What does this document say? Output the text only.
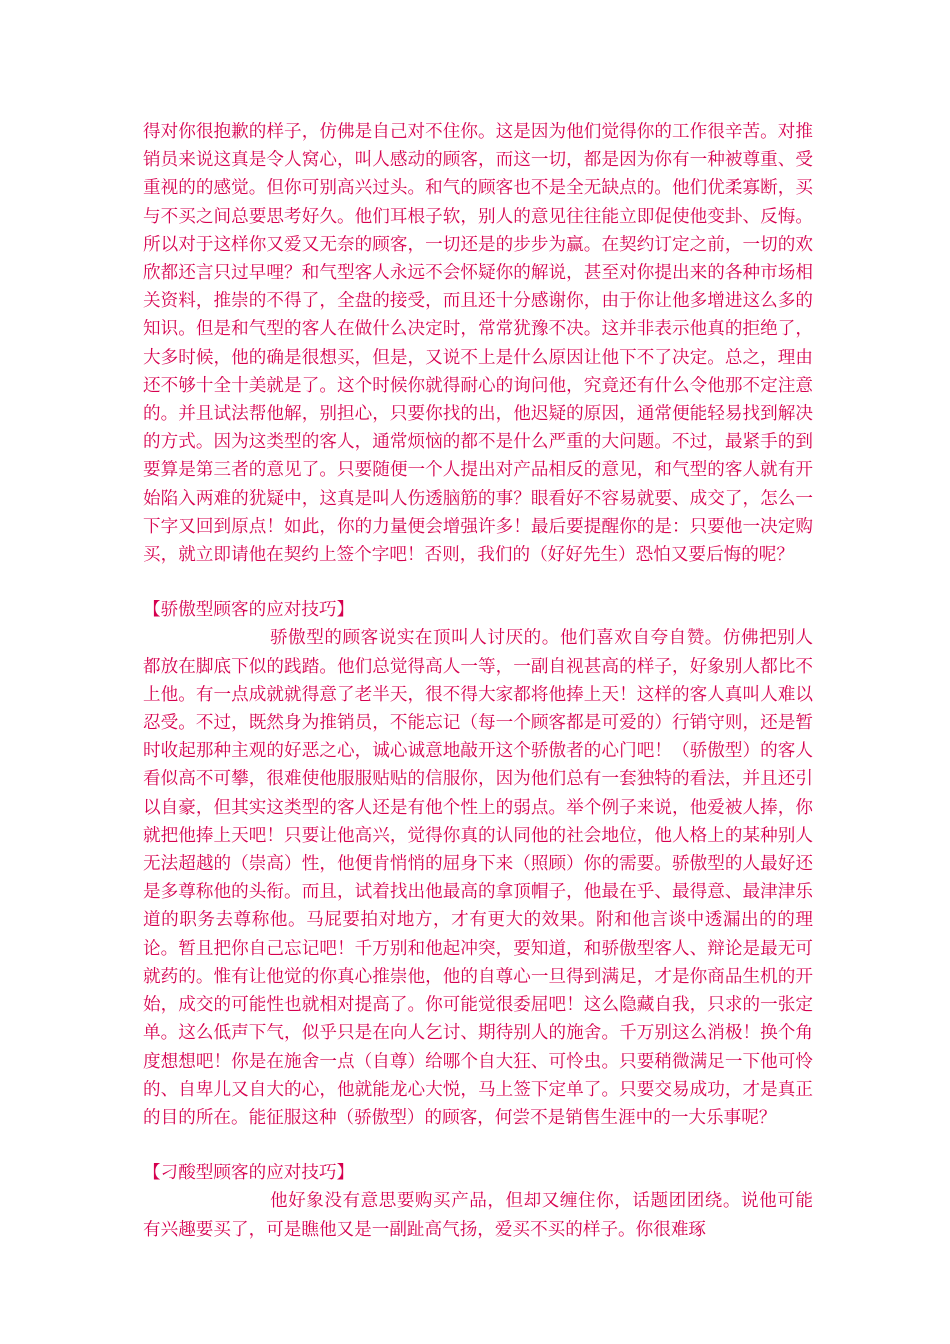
得对你很抱歉的样子，仿佛是自己对不住你。这是因为他们觉得你的工作很辛苦。对推销员来说这真是令人窝心，叫人感动的顾客，而这一切，都是因为你有一种被尊重、受重视的的感觉。但你可别高兴过头。和气的顾客也不是全无缺点的。他们优柔寡断，买与不买之间总要思考好久。他们耳根子软，别人的意见往往能立即促使他变卦、反悔。所以对于这样你又爱又无奈的顾客，一切还是的步步为赢。在契约订定之前，一切的欢欣都还言只过早哩？和气型客人永远不会怀疑你的解说，甚至对你提出来的各种市场相关资料，推崇的不得了，全盘的接受，而且还十分感谢你，由于你让他多增进这么多的知识。但是和气型的客人在做什么决定时，常常犹豫不决。这并非表示他真的拒绝了，大多时候，他的确是很想买，但是，又说不上是什么原因让他下不了决定。总之，理由还不够十全十美就是了。这个时候你就得耐心的询问他，究竟还有什么令他那不定注意的。并且试法帮他解，别担心，只要你找的出，他迟疑的原因，通常便能轻易找到解决的方式。因为这类型的客人，通常烦恼的都不是什么严重的大问题。不过，最紧手的到要算是第三者的意见了。只要随便一个人提出对产品相反的意见，和气型的客人就有开始陷入两难的犹疑中，这真是叫人伤透脑筋的事？眼看好不容易就要、成交了，怎么一下字又回到原点！如此，你的力量便会增强许多！最后要提醒你的是：只要他一决定购买，就立即请他在契约上签个字吧！否则，我们的（好好先生）恐怕又要后悔的呢？

【骄傲型顾客的应对技巧】

骄傲型的顾客说实在顶叫人讨厌的。他们喜欢自夸自赞。仿佛把别人都放在脚底下似的践踏。他们总觉得高人一等，一副自视甚高的样子，好象别人都比不上他。有一点成就就得意了老半天，很不得大家都将他捧上天！这样的客人真叫人难以忍受。不过，既然身为推销员，不能忘记（每一个顾客都是可爱的）行销守则，还是暂时收起那种主观的好恶之心，诚心诚意地敲开这个骄傲者的心门吧！（骄傲型）的客人看似高不可攀，很难使他服服贴贴的信服你，因为他们总有一套独特的看法，并且还引以自豪，但其实这类型的客人还是有他个性上的弱点。举个例子来说，他爱被人捧，你就把他捧上天吧！只要让他高兴，觉得你真的认同他的社会地位，他人格上的某种别人无法超越的（崇高）性，他便肯悄悄的屈身下来（照顾）你的需要。骄傲型的人最好还是多尊称他的头衔。而且，试着找出他最高的拿顶帽子，他最在乎、最得意、最津津乐道的职务去尊称他。马屁要拍对地方，才有更大的效果。附和他言谈中透漏出的的理论。暂且把你自己忘记吧！千万别和他起冲突，要知道，和骄傲型客人、辩论是最无可就药的。惟有让他觉的你真心推崇他，他的自尊心一旦得到满足，才是你商品生机的开始，成交的可能性也就相对提高了。你可能觉很委屈吧！这么隐藏自我，只求的一张定单。这么低声下气，似乎只是在向人乞讨、期待别人的施舍。千万别这么消极！换个角度想想吧！你是在施舍一点（自尊）给哪个自大狂、可怜虫。只要稍微满足一下他可怜的、自卑儿又自大的心，他就能龙心大悦，马上签下定单了。只要交易成功，才是真正的目的所在。能征服这种（骄傲型）的顾客，何尝不是销售生涯中的一大乐事呢？

【刁酸型顾客的应对技巧】

他好象没有意思要购买产品，但却又缠住你，话题团团绕。说他可能有兴趣要买了，可是瞧他又是一副趾高气扬，爱买不买的样子。你很难琢
